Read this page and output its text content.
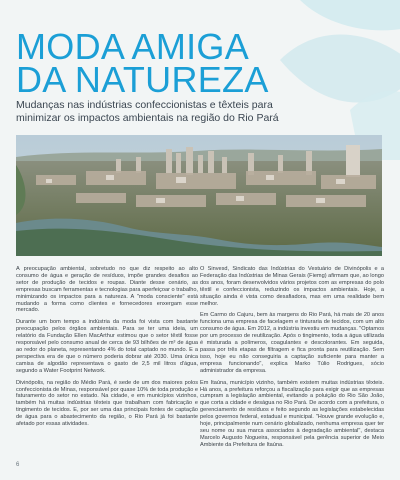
MODA AMIGA
DA NATUREZA

Mudanças nas indústrias confeccionistas e têxteis para
minimizar os impactos ambientais na região do Rio Pará

A preocupação ambiental, sobretudo no que diz respeito ao alto consumo de água e geração de resíduos, impõe grandes desafios ao setor de produção de tecidos e roupas. Diante desse cenário, as empresas buscam ferramentas e tecnologias para aperfeiçoar o trabalho, minimizando os impactos para a natureza. A "moda consciente" está mudando a forma como clientes e fornecedores enxergam esse mercado.

Durante um bom tempo a indústria da moda foi vista com bastante preocupação pelos órgãos ambientais. Para se ter uma ideia, um relatório da Fundação Ellen MacArthur estimou que o setor têxtil fosse responsável pelo consumo anual de cerca de 93 bilhões de m³ de água ao redor do planeta, representando 4% do total captado no mundo. E a perspectiva era de que o número poderia dobrar até 2030. Uma única camisa de algodão representava o gasto de 2,5 mil litros d'água, segundo a Water Footprint Network.

Divinópolis, na região do Médio Pará, é sede de um dos maiores polos confeccionista de Minas, responsável por quase 10% de toda produção e faturamento do setor no estado. Na cidade, e em municípios vizinhos, também há muitas indústrias têxteis que trabalham com fabricação e tingimento de tecidos. E, por ser uma das principais fontes de captação de água para o abastecimento da região, o Rio Pará já foi bastante afetado por essas atividades.

O Sinvesd, Sindicato das Indústrias do Vestuário de Divinópolis e a Federação das Indústrias de Minas Gerais (Fiemg) afirmam que, ao longo dos anos, foram desenvolvidos vários projetos com as empresas do polo têxtil e confeccionista, reduzindo os impactos ambientais. Hoje, a situação ainda é vista como desafiadora, mas em uma realidade bem melhor.

Em Carmo do Cajuru, bem às margens do Rio Pará, há mais de 20 anos funciona uma empresa de facelagem e tinturaria de tecidos, com um alto consumo de água. Em 2012, a indústria investiu em mudanças. "Optamos por um processo de reutilização. Após o tingimento, toda a água utilizada é misturada a polímeros, coagulantes e descolorantes. Em seguida, passa por três etapas de filtragem e fica pronta para reutilização. Sem isso, hoje eu não conseguiria a captação suficiente para manter a empresa funcionando", explica Marko Túlio Rodrigues, sócio administrador da empresa.

Em Itaúna, município vizinho, também existem muitas indústrias têxteis. Há anos, a prefeitura reforçou a fiscalização para exigir que as empresas cumpram a legislação ambiental, evitando a poluição do Rio São João, que corta a cidade e deságua no Rio Pará. De acordo com a prefeitura, o gerenciamento de resíduos e feito segundo as legislações estabelecidas pelos governos federal, estadual e municipal. "Houve grande evolução e, hoje, principalmente num cenário globalizado, nenhuma empresa quer ter seu nome ou sua marca associados à degradação ambiental", destaca Marcelo Augusto Nogueira, responsável pela gerência superior de Meio Ambiente da Prefeitura de Itaúna.

6
